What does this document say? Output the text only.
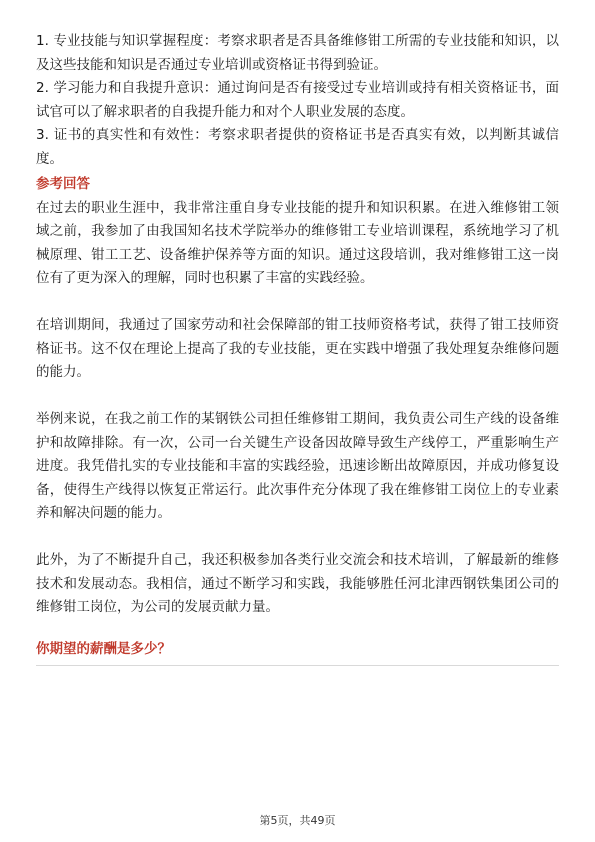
1. 专业技能与知识掌握程度：考察求职者是否具备维修钳工所需的专业技能和知识，以及这些技能和知识是否通过专业培训或资格证书得到验证。

2. 学习能力和自我提升意识：通过询问是否有接受过专业培训或持有相关资格证书，面试官可以了解求职者的自我提升能力和对个人职业发展的态度。

3. 证书的真实性和有效性：考察求职者提供的资格证书是否真实有效，以判断其诚信度。

参考回答

在过去的职业生涯中，我非常注重自身专业技能的提升和知识积累。在进入维修钳工领域之前，我参加了由我国知名技术学院举办的维修钳工专业培训课程，系统地学习了机械原理、钳工工艺、设备维护保养等方面的知识。通过这段培训，我对维修钳工这一岗位有了更为深入的理解，同时也积累了丰富的实践经验。

在培训期间，我通过了国家劳动和社会保障部的钳工技师资格考试，获得了钳工技师资格证书。这不仅在理论上提高了我的专业技能，更在实践中增强了我处理复杂维修问题的能力。

举例来说，在我之前工作的某钢铁公司担任维修钳工期间，我负责公司生产线的设备维护和故障排除。有一次，公司一台关键生产设备因故障导致生产线停工，严重影响生产进度。我凭借扎实的专业技能和丰富的实践经验，迅速诊断出故障原因，并成功修复设备，使得生产线得以恢复正常运行。此次事件充分体现了我在维修钳工岗位上的专业素养和解决问题的能力。

此外，为了不断提升自己，我还积极参加各类行业交流会和技术培训，了解最新的维修技术和发展动态。我相信，通过不断学习和实践，我能够胜任河北津西钢铁集团公司的维修钳工岗位，为公司的发展贡献力量。

你期望的薪酬是多少？

第5页，共49页
